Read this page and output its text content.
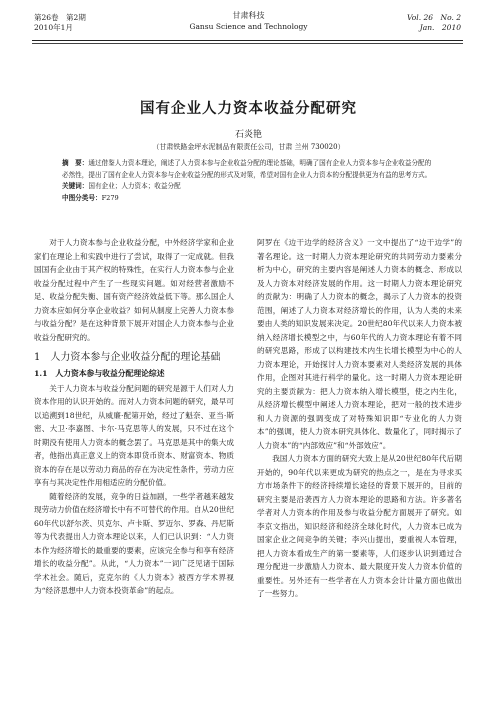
第26卷　第2期
2010年1月
甘肃科技
Gansu Science and Technology
Vol. 26　No. 2
Jan.　2010
国有企业人力资本收益分配研究
石炎艳
（甘肃铁路金坪水泥制品有限责任公司，甘肃 兰州 730020）

摘　要：通过借鉴人力资本理论，阐述了人力资本参与企业收益分配的理论基础，明确了国有企业人力资本参与企业收益分配的必然性，提出了国有企业人力资本参与企业收益分配的形式及对策，希望对国有企业人力资本的分配提供更为有益的思考方式。

关键词：国有企业；人力资本；收益分配

中图分类号：F279

对于人力资本参与企业收益分配，中外经济学家和企业家们在理论上和实践中进行了尝试，取得了一定成就。但我国国有企业由于其产权的特殊性，在实行人力资本参与企业收益分配过程中产生了一些现实问题。如对经营者激励不足、收益分配失衡、国有资产经济效益低下等。那么国企人力资本应如何分享企业收益？如何从制度上完善人力资本参与收益分配？是在这种背景下展开对国企人力资本参与企业收益分配研究的。

1　人力资本参与企业收益分配的理论基础
1.1　人力资本参与收益分配理论综述

关于人力资本与收益分配问题的研究是源于人们对人力资本作用的认识开始的。而对人力资本问题的研究，最早可以追溯到18世纪，从威廉·配第开始，经过了魁奈、亚当·斯密、大卫·李嘉图、卡尔·马克思等人的发展，只不过在这个时期没有使用人力资本的概念罢了。马克思是其中的集大成者，他指出真正意义上的资本即货币资本、财富资本、物质资本的存在是以劳动力商品的存在为决定性条件，劳动力应享有与其决定性作用相适应的分配价值。

随着经济的发展，竞争的日益加剧，一些学者越来越发现劳动力价值在经济增长中有不可替代的作用。自从20世纪60年代以舒尔茨、贝克尔、卢卡斯、罗迈尔、罗森、丹尼斯等为代表提出人力资本理论以来，人们已认识到：“人力资本作为经济增长的最重要的要素，应该完全参与和享有经济增长的收益分配”。从此，“人力资本”一词广泛见诸于国际学术社会。随后，克克尔的《人力资本》被西方学术界视为“经济思想中人力资本投资革命”的起点。

阿罗在《边干边学的经济含义》一文中提出了“边干边学”的著名理论。这一时期人力资本理论研究的共同劳动力要素分析为中心，研究的主要内容是阐述人力资本的概念、形成以及人力资本对经济发展的作用。这一时期人力资本理论研究的贡献为：明确了人力资本的概念，揭示了人力资本的投资范围，阐述了人力资本对经济增长的作用，认为人类的未来要由人类的知识发展来决定。20世纪80年代以来人力资本被纳入经济增长模型之中，与60年代的人力资本理论有着不同的研究思路，形成了以构建技术内生长增长模型为中心的人力资本理论，开始探讨人力资本要素对人类经济发展的具体作用，企图对其进行科学的量化。这一时期人力资本理论研究的主要贡献为：把人力资本纳入增长模型，使之内生化，从经济增长模型中阐述人力资本理论，把对一般的技术进步和人力资源的强调变成了对特殊知识即“专业化的人力资本”的强调，使人力资本研究具体化、数量化了，同时揭示了人力资本”的“内部效应”和“外部效应”。

我国人力资本方面的研究大致上是从20世纪80年代后期开始的，90年代以来更成为研究的热点之一，是在为寻求买方市场条件下的经济持续增长途径的背景下展开的，目前的研究主要是沿袭西方人力资本理论的思路和方法。许多著名学者对人力资本的作用及参与收益分配方面展开了研究。如李京文指出，知识经济和经济全球化时代，人力资本已成为国家企业之间竞争的关键；李兴山提出，要重视人本管理，把人力资本看成生产的第一要素等，人们逐步认识到通过合理分配进一步激励人力资本、最大限度开发人力资本价值的重要性。另外还有一些学者在人力资本会计计量方面也做出了一些努力。
